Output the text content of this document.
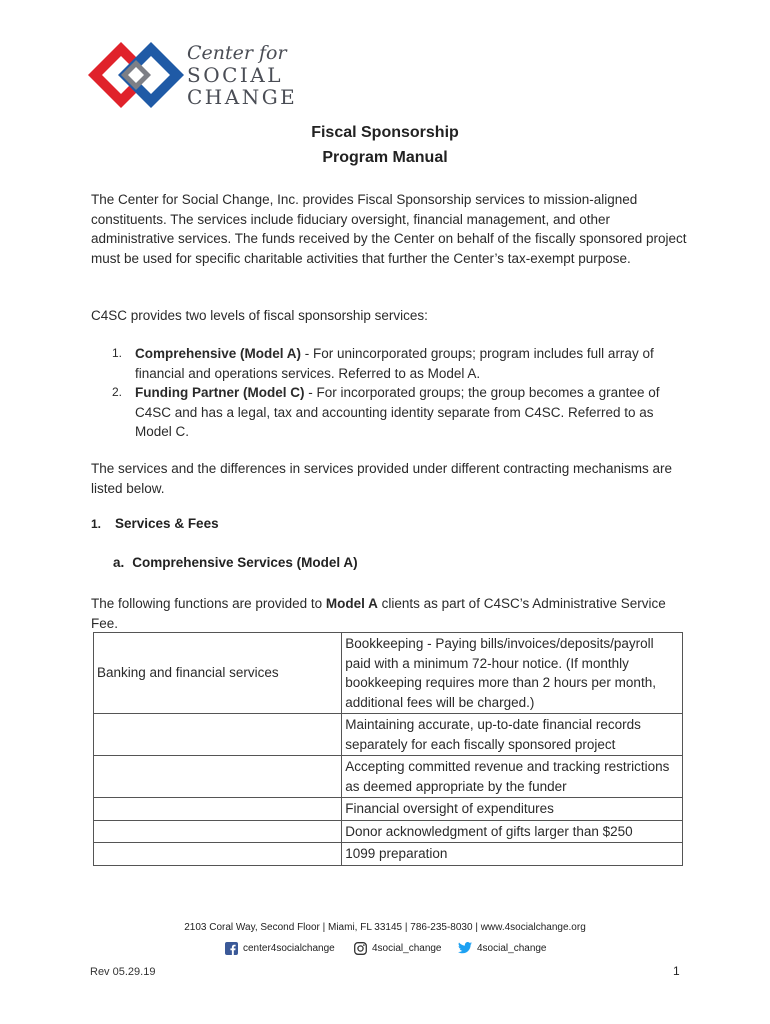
Center for
SOCIAL
CHANGE
Fiscal Sponsorship
Program Manual

The Center for Social Change, Inc. provides Fiscal Sponsorship services to mission-aligned constituents. The services include fiduciary oversight, financial management, and other administrative services. The funds received by the Center on behalf of the fiscally sponsored project must be used for specific charitable activities that further the Center’s tax-exempt purpose.

C4SC provides two levels of fiscal sponsorship services:

1. Comprehensive (Model A) - For unincorporated groups; program includes full array of financial and operations services. Referred to as Model A.
2. Funding Partner (Model C) - For incorporated groups; the group becomes a grantee of C4SC and has a legal, tax and accounting identity separate from C4SC. Referred to as Model C.

The services and the differences in services provided under different contracting mechanisms are listed below.

1. Services & Fees
a. Comprehensive Services (Model A)

The following functions are provided to Model A clients as part of C4SC’s Administrative Service Fee.

Banking and financial services	Bookkeeping - Paying bills/invoices/deposits/payroll paid with a minimum 72-hour notice. (If monthly bookkeeping requires more than 2 hours per month, additional fees will be charged.)
	Maintaining accurate, up-to-date financial records separately for each fiscally sponsored project
	Accepting committed revenue and tracking restrictions as deemed appropriate by the funder
	Financial oversight of expenditures
	Donor acknowledgment of gifts larger than $250
	1099 preparation
2103 Coral Way, Second Floor | Miami, FL 33145 | 786-235-8030 | www.4socialchange.org
center4socialchange	4social_change	4social_change
Rev 05.29.19	1
